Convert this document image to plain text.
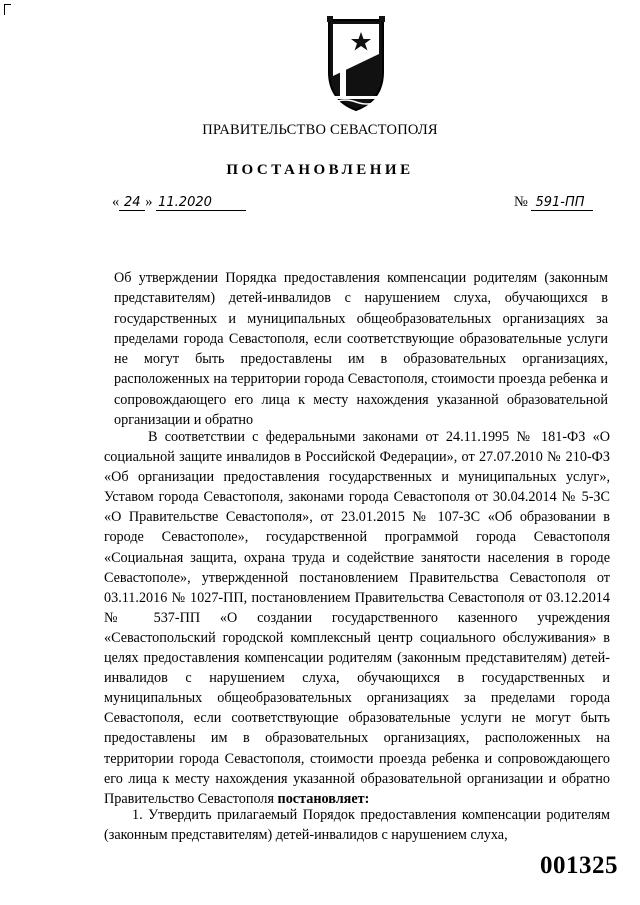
ПРАВИТЕЛЬСТВО СЕВАСТОПОЛЯ
ПОСТАНОВЛЕНИЕ
« 24 » 11.2020	№ 591-ПП

Об утверждении Порядка предоставления компенсации родителям (законным представителям) детей-инвалидов с нарушением слуха, обучающихся в государственных и муниципальных общеобразовательных организациях за пределами города Севастополя, если соответствующие образовательные услуги не могут быть предоставлены им в образовательных организациях, расположенных на территории города Севастополя, стоимости проезда ребенка и сопровождающего его лица к месту нахождения указанной образовательной организации и обратно

В соответствии с федеральными законами от 24.11.1995 № 181-ФЗ «О социальной защите инвалидов в Российской Федерации», от 27.07.2010 № 210-ФЗ «Об организации предоставления государственных и муниципальных услуг», Уставом города Севастополя, законами города Севастополя от 30.04.2014 № 5-ЗС «О Правительстве Севастополя», от 23.01.2015 № 107-ЗС «Об образовании в городе Севастополе», государственной программой города Севастополя «Социальная защита, охрана труда и содействие занятости населения в городе Севастополе», утвержденной постановлением Правительства Севастополя от 03.11.2016 № 1027-ПП, постановлением Правительства Севастополя от 03.12.2014 № 537-ПП «О создании государственного казенного учреждения «Севастопольский городской комплексный центр социального обслуживания» в целях предоставления компенсации родителям (законным представителям) детей-инвалидов с нарушением слуха, обучающихся в государственных и муниципальных общеобразовательных организациях за пределами города Севастополя, если соответствующие образовательные услуги не могут быть предоставлены им в образовательных организациях, расположенных на территории города Севастополя, стоимости проезда ребенка и сопровождающего его лица к месту нахождения указанной образовательной организации и обратно Правительство Севастополя постановляет:

1. Утвердить прилагаемый Порядок предоставления компенсации родителям (законным представителям) детей-инвалидов с нарушением слуха,

001325
